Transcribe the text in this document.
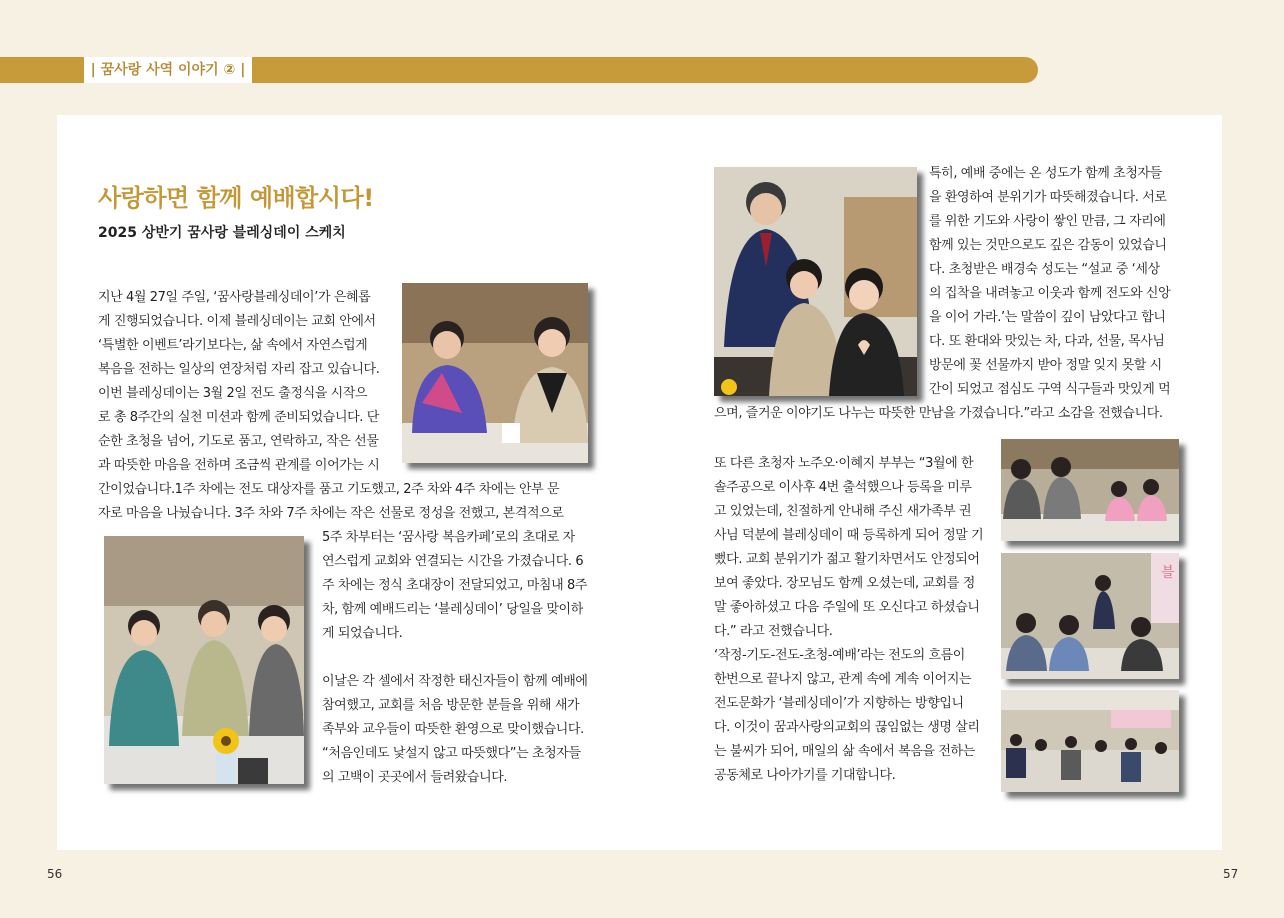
| 꿈사랑 사역 이야기 ② |
사랑하면 함께 예배합시다!
2025 상반기 꿈사랑 블레싱데이 스케치
지난 4월 27일 주일, ‘꿈사랑블레싱데이’가 은혜롭
게 진행되었습니다. 이제 블레싱데이는 교회 안에서
‘특별한 이벤트’라기보다는, 삶 속에서 자연스럽게
복음을 전하는 일상의 연장처럼 자리 잡고 있습니다.
이번 블레싱데이는 3월 2일 전도 출정식을 시작으
로 총 8주간의 실천 미션과 함께 준비되었습니다. 단
순한 초청을 넘어, 기도로 품고, 연락하고, 작은 선물
과 따뜻한 마음을 전하며 조금씩 관계를 이어가는 시
간이었습니다.1주 차에는 전도 대상자를 품고 기도했고, 2주 차와 4주 차에는 안부 문
자로 마음을 나눴습니다. 3주 차와 7주 차에는 작은 선물로 정성을 전했고, 본격적으로
5주 차부터는 ‘꿈사랑 복음카페’로의 초대로 자
연스럽게 교회와 연결되는 시간을 가졌습니다. 6
주 차에는 정식 초대장이 전달되었고, 마침내 8주
차, 함께 예배드리는 ‘블레싱데이’ 당일을 맞이하
게 되었습니다.
이날은 각 셀에서 작정한 태신자들이 함께 예배에
참여했고, 교회를 처음 방문한 분들을 위해 새가
족부와 교우들이 따뜻한 환영으로 맞이했습니다.
“처음인데도 낯설지 않고 따뜻했다”는 초청자들
의 고백이 곳곳에서 들려왔습니다.
특히, 예배 중에는 온 성도가 함께 초청자들
을 환영하여 분위기가 따뜻해졌습니다. 서로
를 위한 기도와 사랑이 쌓인 만큼, 그 자리에
함께 있는 것만으로도 깊은 감동이 있었습니
다. 초청받은 배경숙 성도는 “설교 중 ‘세상
의 집착을 내려놓고 이웃과 함께 전도와 신앙
을 이어 가라.’는 말씀이 깊이 남았다고 합니
다. 또 환대와 맛있는 차, 다과, 선물, 목사님
방문에 꽃 선물까지 받아 정말 잊지 못할 시
간이 되었고 점심도 구역 식구들과 맛있게 먹
으며, 즐거운 이야기도 나누는 따뜻한 만남을 가졌습니다.”라고 소감을 전했습니다.
또 다른 초청자 노주오·이혜지 부부는 “3월에 한
솔주공으로 이사후 4번 출석했으나 등록을 미루
고 있었는데, 친절하게 안내해 주신 새가족부 권
사님 덕분에 블레싱데이 때 등록하게 되어 정말 기
뻤다. 교회 분위기가 젊고 활기차면서도 안정되어
보여 좋았다. 장모님도 함께 오셨는데, 교회를 정
말 좋아하셨고 다음 주일에 또 오신다고 하셨습니
다.” 라고 전했습니다.
‘작정-기도-전도-초청-예배’라는 전도의 흐름이
한번으로 끝나지 않고, 관계 속에 계속 이어지는
전도문화가 ‘블레싱데이’가 지향하는 방향입니
다. 이것이 꿈과사랑의교회의 끊임없는 생명 살리
는 불씨가 되어, 매일의 삶 속에서 복음을 전하는
공동체로 나아가기를 기대합니다.
블
56	57
